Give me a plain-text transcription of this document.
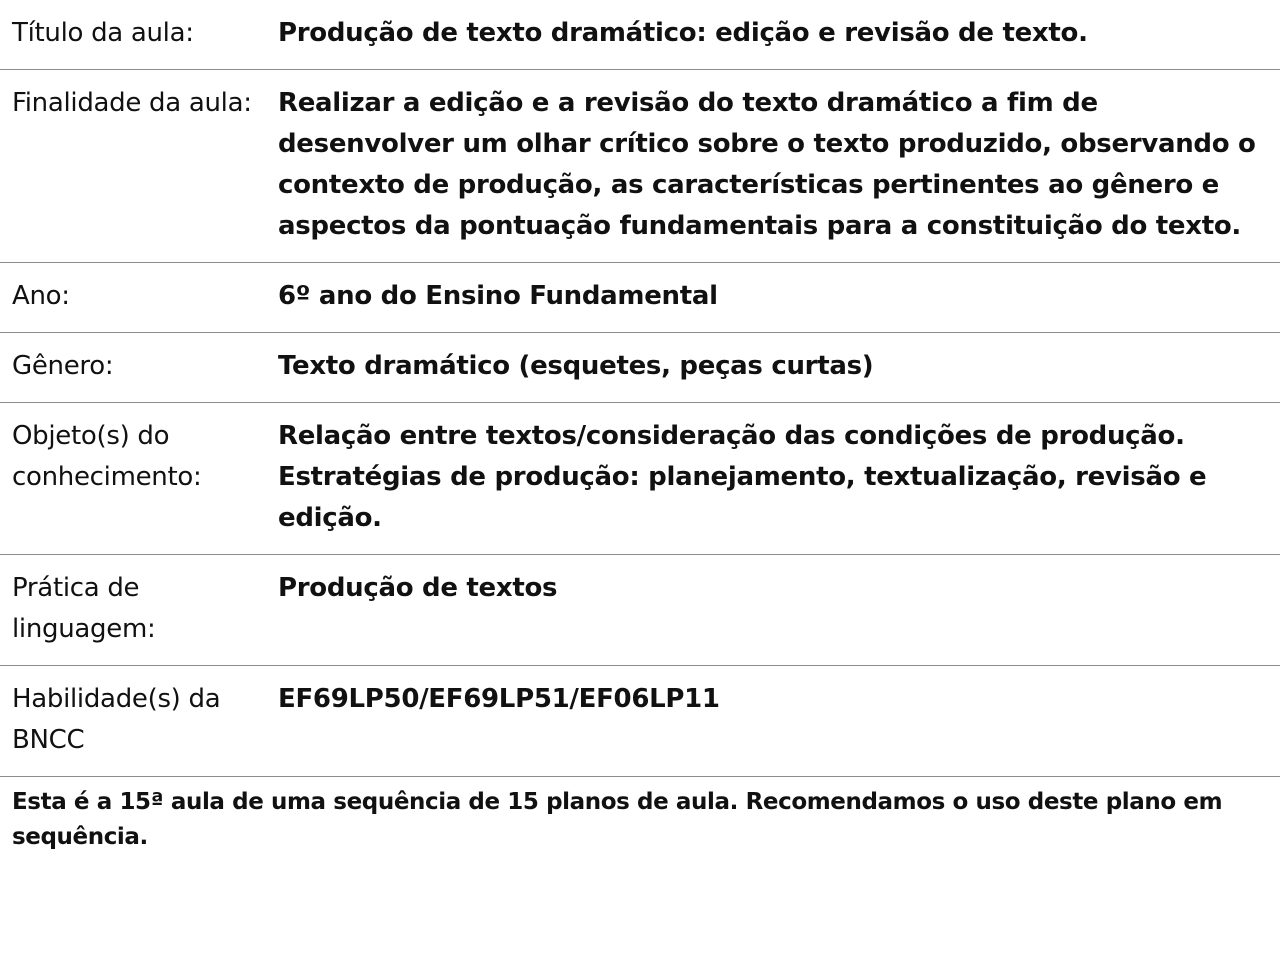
Título da aula:	Produção de texto dramático: edição e revisão de texto.
Finalidade da aula:	Realizar a edição e a revisão do texto dramático a fim de desenvolver um olhar crítico sobre o texto produzido, observando o contexto de produção, as características pertinentes ao gênero e aspectos da pontuação fundamentais para a constituição do texto.
Ano:	6º ano do Ensino Fundamental
Gênero:	Texto dramático (esquetes, peças curtas)
Objeto(s) do conhecimento:	Relação entre textos/consideração das condições de produção.
Estratégias de produção: planejamento, textualização, revisão e edição.

Prática de linguagem:	Produção de textos
Habilidade(s) da BNCC	EF69LP50/EF69LP51/EF06LP11

Esta é a 15ª aula de uma sequência de 15 planos de aula. Recomendamos o uso deste plano em sequência.
